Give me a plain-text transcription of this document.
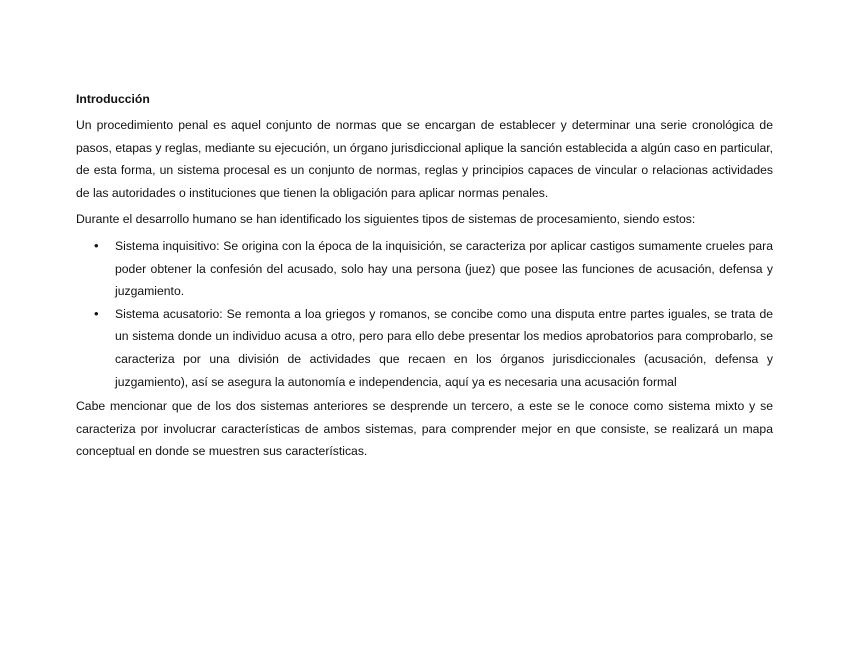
Introducción

Un procedimiento penal es aquel conjunto de normas que se encargan de establecer y determinar una serie cronológica de pasos, etapas y reglas, mediante su ejecución, un órgano jurisdiccional aplique la sanción establecida a algún caso en particular, de esta forma, un sistema procesal es un conjunto de normas, reglas y principios capaces de vincular o relacionas actividades de las autoridades o instituciones que tienen la obligación para aplicar normas penales.

Durante el desarrollo humano se han identificado los siguientes tipos de sistemas de procesamiento, siendo estos:

• Sistema inquisitivo: Se origina con la época de la inquisición, se caracteriza por aplicar castigos sumamente crueles para poder obtener la confesión del acusado, solo hay una persona (juez) que posee las funciones de acusación, defensa y juzgamiento.
• Sistema acusatorio: Se remonta a loa griegos y romanos, se concibe como una disputa entre partes iguales, se trata de un sistema donde un individuo acusa a otro, pero para ello debe presentar los medios aprobatorios para comprobarlo, se caracteriza por una división de actividades que recaen en los órganos jurisdiccionales (acusación, defensa y juzgamiento), así se asegura la autonomía e independencia, aquí ya es necesaria una acusación formal

Cabe mencionar que de los dos sistemas anteriores se desprende un tercero, a este se le conoce como sistema mixto y se caracteriza por involucrar características de ambos sistemas, para comprender mejor en que consiste, se realizará un mapa conceptual en donde se muestren sus características.
